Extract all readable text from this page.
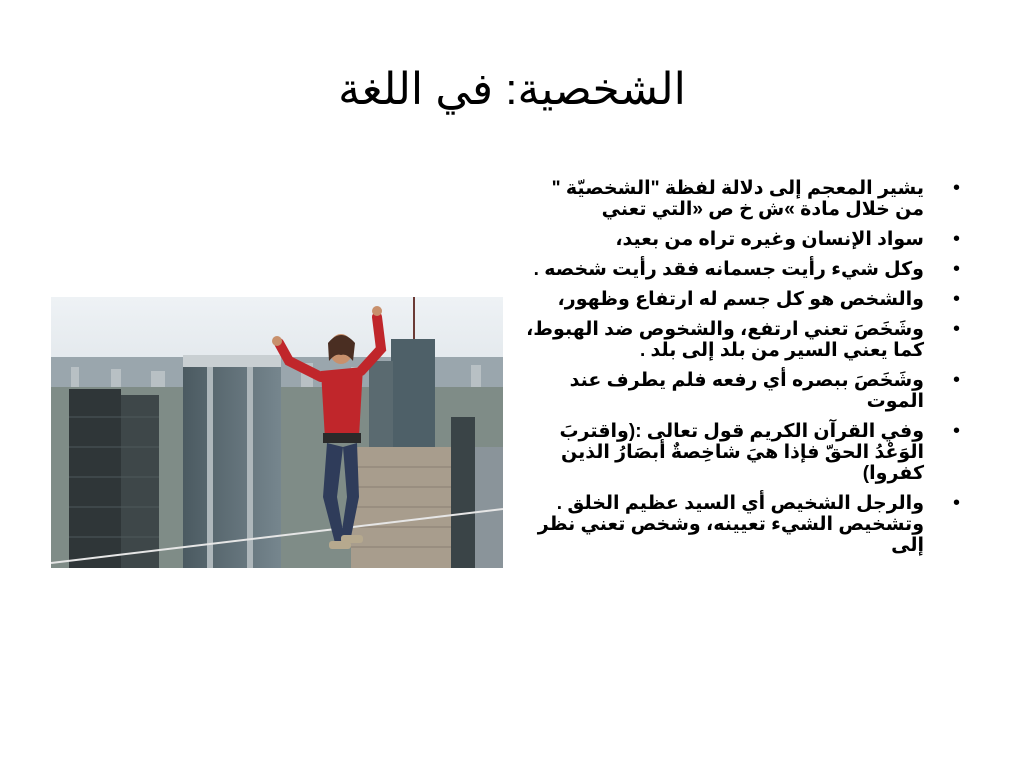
الشخصية: في اللغة
• يشير المعجم إلى دلالة لفظة "الشخصيّة " من خلال مادة »ش خ ص «التي تعني
• سواد الإنسان وغيره تراه من بعيد،
• وكل شيء رأيت جسمانه فقد رأيت شخصه .
• والشخص هو كل جسم له ارتفاع وظهور،
• وشَخَصَ تعني ارتفع، والشخوص ضد الهبوط، كما يعني السير من بلد إلى بلد .
• وشَخَصَ ببصره أي رفعه فلم يطرف عند الموت
• وفي القرآن الكريم قول تعالى :(واقتربَ الوَعْدُ الحقّ فإذا هيَ شاخِصةٌ أبصَارُ الذين كفروا)
• والرجل الشخيص أي السيد عظيم الخلق . وتشخيص الشيء تعيينه، وشخص تعني نظر إلى
